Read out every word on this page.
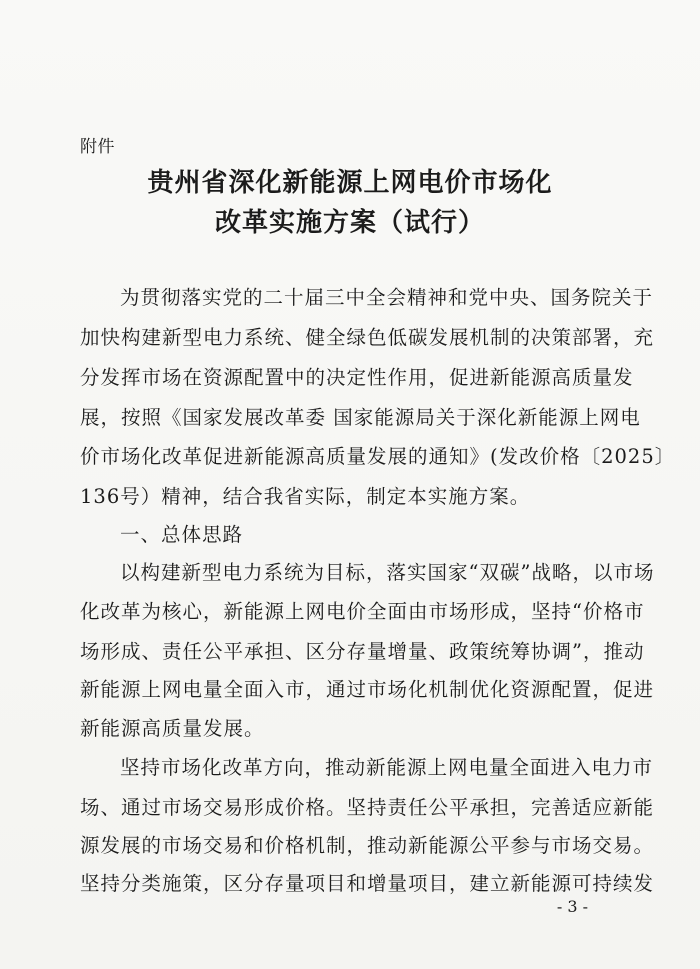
附件
贵州省深化新能源上网电价市场化
改革实施方案（试行）
为贯彻落实党的二十届三中全会精神和党中央、国务院关于
加快构建新型电力系统、健全绿色低碳发展机制的决策部署，充
分发挥市场在资源配置中的决定性作用，促进新能源高质量发
展，按照《国家发展改革委 国家能源局关于深化新能源上网电
价市场化改革促进新能源高质量发展的通知》(发改价格〔2025〕
136号）精神，结合我省实际，制定本实施方案。
一、总体思路
以构建新型电力系统为目标，落实国家“双碳”战略，以市场
化改革为核心，新能源上网电价全面由市场形成，坚持“价格市
场形成、责任公平承担、区分存量增量、政策统筹协调”，推动
新能源上网电量全面入市，通过市场化机制优化资源配置，促进
新能源高质量发展。
坚持市场化改革方向，推动新能源上网电量全面进入电力市
场、通过市场交易形成价格。坚持责任公平承担，完善适应新能
源发展的市场交易和价格机制，推动新能源公平参与市场交易。
坚持分类施策，区分存量项目和增量项目，建立新能源可持续发
- 3 -
